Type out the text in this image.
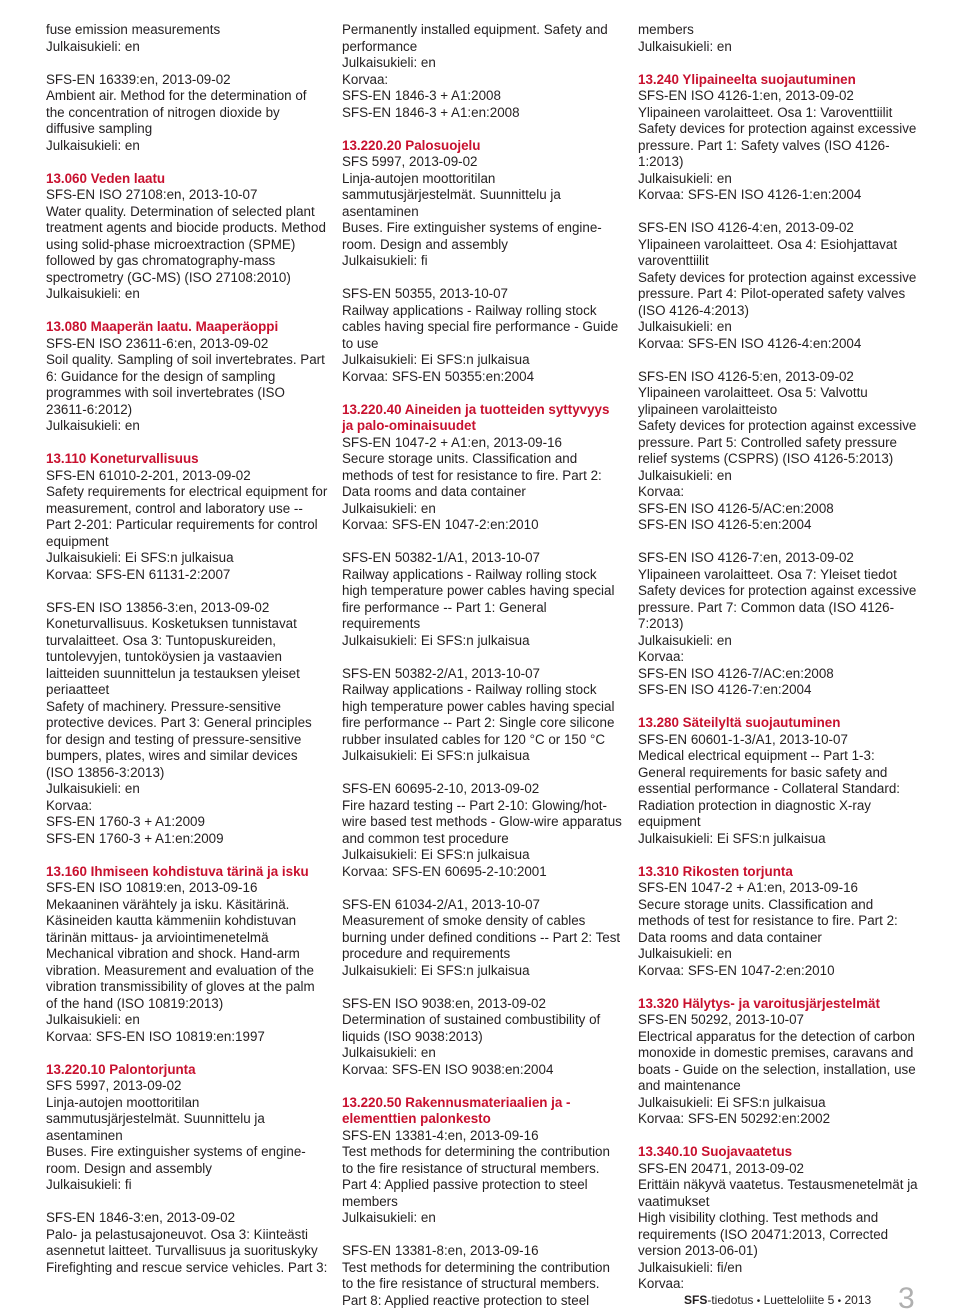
fuse emission measurements

Julkaisukieli: en

SFS-EN 16339:en, 2013-09-02

Ambient air. Method for the determination of the concentration of nitrogen dioxide by diffusive sampling

Julkaisukieli: en

13.060 Veden laatu

SFS-EN ISO 27108:en, 2013-10-07

Water quality. Determination of selected plant treatment agents and biocide products. Method using solid-phase microextraction (SPME) followed by gas chromatography-mass spectrometry (GC-MS) (ISO 27108:2010)

Julkaisukieli: en

13.080 Maaperän laatu. Maaperäoppi

SFS-EN ISO 23611-6:en, 2013-09-02

Soil quality. Sampling of soil invertebrates. Part 6: Guidance for the design of sampling programmes with soil invertebrates (ISO 23611-6:2012)

Julkaisukieli: en

13.110 Koneturvallisuus

SFS-EN 61010-2-201, 2013-09-02

Safety requirements for electrical equipment for measurement, control and laboratory use -- Part 2-201: Particular requirements for control equipment

Julkaisukieli: Ei SFS:n julkaisua

Korvaa: SFS-EN 61131-2:2007

SFS-EN ISO 13856-3:en, 2013-09-02

Koneturvallisuus. Kosketuksen tunnistavat turvalaitteet. Osa 3: Tuntopuskureiden, tuntolevyjen, tuntoköysien ja vastaavien laitteiden suunnittelun ja testauksen yleiset periaatteet

Safety of machinery. Pressure-sensitive protective devices. Part 3: General principles for design and testing of pressure-sensitive bumpers, plates, wires and similar devices (ISO 13856-3:2013)

Julkaisukieli: en

Korvaa:

SFS-EN 1760-3 + A1:2009

SFS-EN 1760-3 + A1:en:2009

13.160 Ihmiseen kohdistuva tärinä ja isku

SFS-EN ISO 10819:en, 2013-09-16

Mekaaninen värähtely ja isku. Käsitärinä. Käsineiden kautta kämmeniin kohdistuvan tärinän mittaus- ja arviointimenetelmä

Mechanical vibration and shock. Hand-arm vibration. Measurement and evaluation of the vibration transmissibility of gloves at the palm of the hand (ISO 10819:2013)

Julkaisukieli: en

Korvaa: SFS-EN ISO 10819:en:1997

13.220.10 Palontorjunta

SFS 5997, 2013-09-02

Linja-autojen moottoritilan sammutusjärjestelmät. Suunnittelu ja asentaminen

Buses. Fire extinguisher systems of engine-room. Design and assembly

Julkaisukieli: fi

SFS-EN 1846-3:en, 2013-09-02

Palo- ja pelastusajoneuvot. Osa 3: Kiinteästi asennetut laitteet. Turvallisuus ja suorituskyky

Firefighting and rescue service vehicles. Part 3:

Permanently installed equipment. Safety and performance

Julkaisukieli: en

Korvaa:

SFS-EN 1846-3 + A1:2008

SFS-EN 1846-3 + A1:en:2008

13.220.20 Palosuojelu

SFS 5997, 2013-09-02

Linja-autojen moottoritilan sammutusjärjestelmät. Suunnittelu ja asentaminen

Buses. Fire extinguisher systems of engine-room. Design and assembly

Julkaisukieli: fi

SFS-EN 50355, 2013-10-07

Railway applications - Railway rolling stock cables having special fire performance - Guide to use

Julkaisukieli: Ei SFS:n julkaisua

Korvaa: SFS-EN 50355:en:2004

13.220.40 Aineiden ja tuotteiden syttyvyys ja palo-ominaisuudet

SFS-EN 1047-2 + A1:en, 2013-09-16

Secure storage units. Classification and methods of test for resistance to fire. Part 2: Data rooms and data container

Julkaisukieli: en

Korvaa: SFS-EN 1047-2:en:2010

SFS-EN 50382-1/A1, 2013-10-07

Railway applications - Railway rolling stock high temperature power cables having special fire performance -- Part 1: General requirements

Julkaisukieli: Ei SFS:n julkaisua

SFS-EN 50382-2/A1, 2013-10-07

Railway applications - Railway rolling stock high temperature power cables having special fire performance -- Part 2: Single core silicone rubber insulated cables for 120 °C or 150 °C

Julkaisukieli: Ei SFS:n julkaisua

SFS-EN 60695-2-10, 2013-09-02

Fire hazard testing -- Part 2-10: Glowing/hot-wire based test methods - Glow-wire apparatus and common test procedure

Julkaisukieli: Ei SFS:n julkaisua

Korvaa: SFS-EN 60695-2-10:2001

SFS-EN 61034-2/A1, 2013-10-07

Measurement of smoke density of cables burning under defined conditions -- Part 2: Test procedure and requirements

Julkaisukieli: Ei SFS:n julkaisua

SFS-EN ISO 9038:en, 2013-09-02

Determination of sustained combustibility of liquids (ISO 9038:2013)

Julkaisukieli: en

Korvaa: SFS-EN ISO 9038:en:2004

13.220.50 Rakennusmateriaalien ja -elementtien palonkesto

SFS-EN 13381-4:en, 2013-09-16

Test methods for determining the contribution to the fire resistance of structural members. Part 4: Applied passive protection to steel members

Julkaisukieli: en

SFS-EN 13381-8:en, 2013-09-16

Test methods for determining the contribution to the fire resistance of structural members. Part 8: Applied reactive protection to steel

members

Julkaisukieli: en

13.240 Ylipaineelta suojautuminen

SFS-EN ISO 4126-1:en, 2013-09-02

Ylipaineen varolaitteet. Osa 1: Varoventtiilit

Safety devices for protection against excessive pressure. Part 1: Safety valves (ISO 4126-1:2013)

Julkaisukieli: en

Korvaa: SFS-EN ISO 4126-1:en:2004

SFS-EN ISO 4126-4:en, 2013-09-02

Ylipaineen varolaitteet. Osa 4: Esiohjattavat varoventtiilit

Safety devices for protection against excessive pressure. Part 4: Pilot-operated safety valves (ISO 4126-4:2013)

Julkaisukieli: en

Korvaa: SFS-EN ISO 4126-4:en:2004

SFS-EN ISO 4126-5:en, 2013-09-02

Ylipaineen varolaitteet. Osa 5: Valvottu ylipaineen varolaitteisto

Safety devices for protection against excessive pressure. Part 5: Controlled safety pressure relief systems (CSPRS) (ISO 4126-5:2013)

Julkaisukieli: en

Korvaa:

SFS-EN ISO 4126-5/AC:en:2008

SFS-EN ISO 4126-5:en:2004

SFS-EN ISO 4126-7:en, 2013-09-02

Ylipaineen varolaitteet. Osa 7: Yleiset tiedot

Safety devices for protection against excessive pressure. Part 7: Common data (ISO 4126-7:2013)

Julkaisukieli: en

Korvaa:

SFS-EN ISO 4126-7/AC:en:2008

SFS-EN ISO 4126-7:en:2004

13.280 Säteilyltä suojautuminen

SFS-EN 60601-1-3/A1, 2013-10-07

Medical electrical equipment -- Part 1-3: General requirements for basic safety and essential performance - Collateral Standard: Radiation protection in diagnostic X-ray equipment

Julkaisukieli: Ei SFS:n julkaisua

13.310 Rikosten torjunta

SFS-EN 1047-2 + A1:en, 2013-09-16

Secure storage units. Classification and methods of test for resistance to fire. Part 2: Data rooms and data container

Julkaisukieli: en

Korvaa: SFS-EN 1047-2:en:2010

13.320 Hälytys- ja varoitusjärjestelmät

SFS-EN 50292, 2013-10-07

Electrical apparatus for the detection of carbon monoxide in domestic premises, caravans and boats - Guide on the selection, installation, use and maintenance

Julkaisukieli: Ei SFS:n julkaisua

Korvaa: SFS-EN 50292:en:2002

13.340.10 Suojavaatetus

SFS-EN 20471, 2013-09-02

Erittäin näkyvä vaatetus. Testausmenetelmät ja vaatimukset

High visibility clothing. Test methods and requirements (ISO 20471:2013, Corrected version 2013-06-01)

Julkaisukieli: fi/en

Korvaa:

SFS-tiedotus • Luetteloliite 5 • 2013 3
